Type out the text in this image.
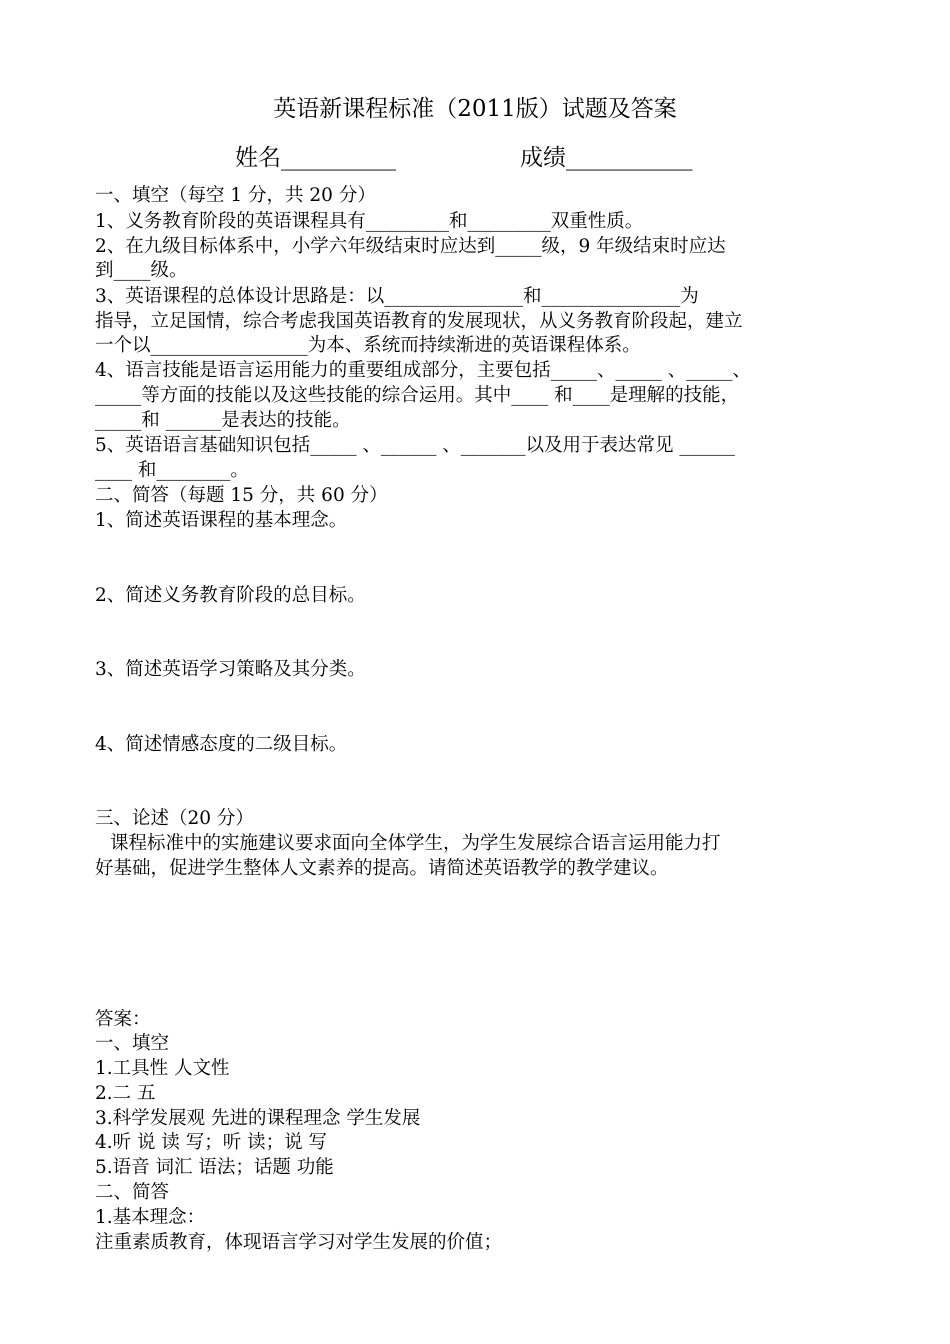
英语新课程标准（2011版）试题及答案
姓名__________	成绩___________
一、填空（每空 1 分，共 20 分）
1、义务教育阶段的英语课程具有_________和_________双重性质。
2、在九级目标体系中，小学六年级结束时应达到_____级，9 年级结束时应达
到____级。
3、英语课程的总体设计思路是：以_______________和_______________为
指导，立足国情，综合考虑我国英语教育的发展现状，从义务教育阶段起，建立
一个以_________________为本、系统而持续渐进的英语课程体系。
4、语言技能是语言运用能力的重要组成部分，主要包括_____、_____ 、_____、
_____等方面的技能以及这些技能的综合运用。其中____ 和____是理解的技能，
_____和 ______是表达的技能。
5、英语语言基础知识包括_____ 、______ 、_______以及用于表达常见 ______
____ 和________。
二、简答（每题 15 分，共 60 分）
1、简述英语课程的基本理念。
2、简述义务教育阶段的总目标。
3、简述英语学习策略及其分类。
4、简述情感态度的二级目标。
三、论述（20 分）
课程标准中的实施建议要求面向全体学生，为学生发展综合语言运用能力打
好基础，促进学生整体人文素养的提高。请简述英语教学的教学建议。
答案：
一、填空
1.工具性 人文性
2.二 五
3.科学发展观 先进的课程理念 学生发展
4.听 说 读 写；听 读；说 写
5.语音 词汇 语法；话题 功能
二、简答
1.基本理念：
注重素质教育，体现语言学习对学生发展的价值；
